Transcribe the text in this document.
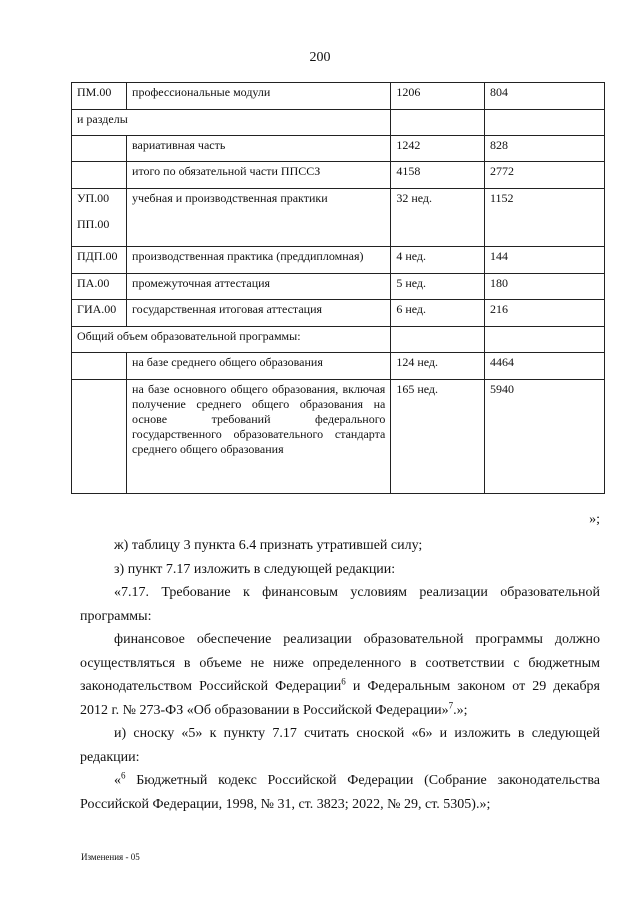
200
ПМ.00	профессиональные модули	1206	804
и разделы			
	вариативная часть	1242	828
	итого по обязательной части ППССЗ	4158	2772

УП.00
ПП.00	учебная и производственная практики	32 нед.	1152
ПДП.00	производственная практика (преддипломная)	4 нед.	144
ПА.00	промежуточная аттестация	5 нед.	180
ГИА.00	государственная итоговая аттестация	6 нед.	216
Общий объем образовательной программы:			
	на базе среднего общего образования	124 нед.	4464
	на базе основного общего образования, включая получение среднего общего образования на основе требований федерального государственного образовательного стандарта среднего общего образования	165 нед.	5940
»;

ж) таблицу 3 пункта 6.4 признать утратившей силу;

з) пункт 7.17 изложить в следующей редакции:

«7.17. Требование к финансовым условиям реализации образовательной программы:

финансовое обеспечение реализации образовательной программы должно осуществляться в объеме не ниже определенного в соответствии с бюджетным законодательством Российской Федерации$^6$ и Федеральным законом от 29 декабря 2012 г. № 273-ФЗ «Об образовании в Российской Федерации»$^7$.»;

и) сноску «5» к пункту 7.17 считать сноской «6» и изложить в следующей редакции:

«$^6$ Бюджетный кодекс Российской Федерации (Собрание законодательства Российской Федерации, 1998, № 31, ст. 3823; 2022, № 29, ст. 5305).»;

Изменения - 05
